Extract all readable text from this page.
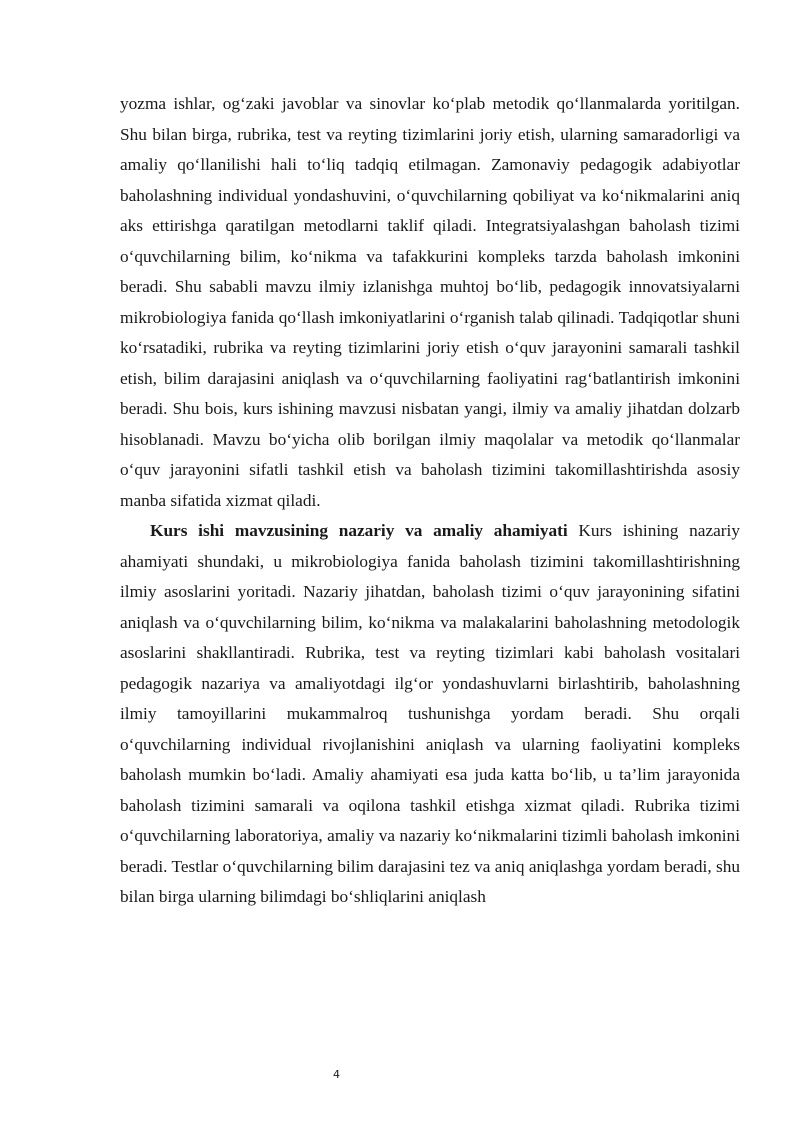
yozma ishlar, og‘zaki javoblar va sinovlar ko‘plab metodik qo‘llanmalarda yoritilgan. Shu bilan birga, rubrika, test va reyting tizimlarini joriy etish, ularning samaradorligi va amaliy qo‘llanilishi hali to‘liq tadqiq etilmagan. Zamonaviy pedagogik adabiyotlar baholashning individual yondashuvini, o‘quvchilarning qobiliyat va ko‘nikmalarini aniq aks ettirishga qaratilgan metodlarni taklif qiladi. Integratsiyalashgan baholash tizimi o‘quvchilarning bilim, ko‘nikma va tafakkurini kompleks tarzda baholash imkonini beradi. Shu sababli mavzu ilmiy izlanishga muhtoj bo‘lib, pedagogik innovatsiyalarni mikrobiologiya fanida qo‘llash imkoniyatlarini o‘rganish talab qilinadi. Tadqiqotlar shuni ko‘rsatadiki, rubrika va reyting tizimlarini joriy etish o‘quv jarayonini samarali tashkil etish, bilim darajasini aniqlash va o‘quvchilarning faoliyatini rag‘batlantirish imkonini beradi. Shu bois, kurs ishining mavzusi nisbatan yangi, ilmiy va amaliy jihatdan dolzarb hisoblanadi. Mavzu bo‘yicha olib borilgan ilmiy maqolalar va metodik qo‘llanmalar o‘quv jarayonini sifatli tashkil etish va baholash tizimini takomillashtirishda asosiy manba sifatida xizmat qiladi.

Kurs ishi mavzusining nazariy va amaliy ahamiyati Kurs ishining nazariy ahamiyati shundaki, u mikrobiologiya fanida baholash tizimini takomillashtirishning ilmiy asoslarini yoritadi. Nazariy jihatdan, baholash tizimi o‘quv jarayonining sifatini aniqlash va o‘quvchilarning bilim, ko‘nikma va malakalarini baholashning metodologik asoslarini shakllantiradi. Rubrika, test va reyting tizimlari kabi baholash vositalari pedagogik nazariya va amaliyotdagi ilg‘or yondashuvlarni birlashtirib, baholashning ilmiy tamoyillarini mukammalroq tushunishga yordam beradi. Shu orqali o‘quvchilarning individual rivojlanishini aniqlash va ularning faoliyatini kompleks baholash mumkin bo‘ladi. Amaliy ahamiyati esa juda katta bo‘lib, u ta’lim jarayonida baholash tizimini samarali va oqilona tashkil etishga xizmat qiladi. Rubrika tizimi o‘quvchilarning laboratoriya, amaliy va nazariy ko‘nikmalarini tizimli baholash imkonini beradi. Testlar o‘quvchilarning bilim darajasini tez va aniq aniqlashga yordam beradi, shu bilan birga ularning bilimdagi bo‘shliqlarini aniqlash

4
